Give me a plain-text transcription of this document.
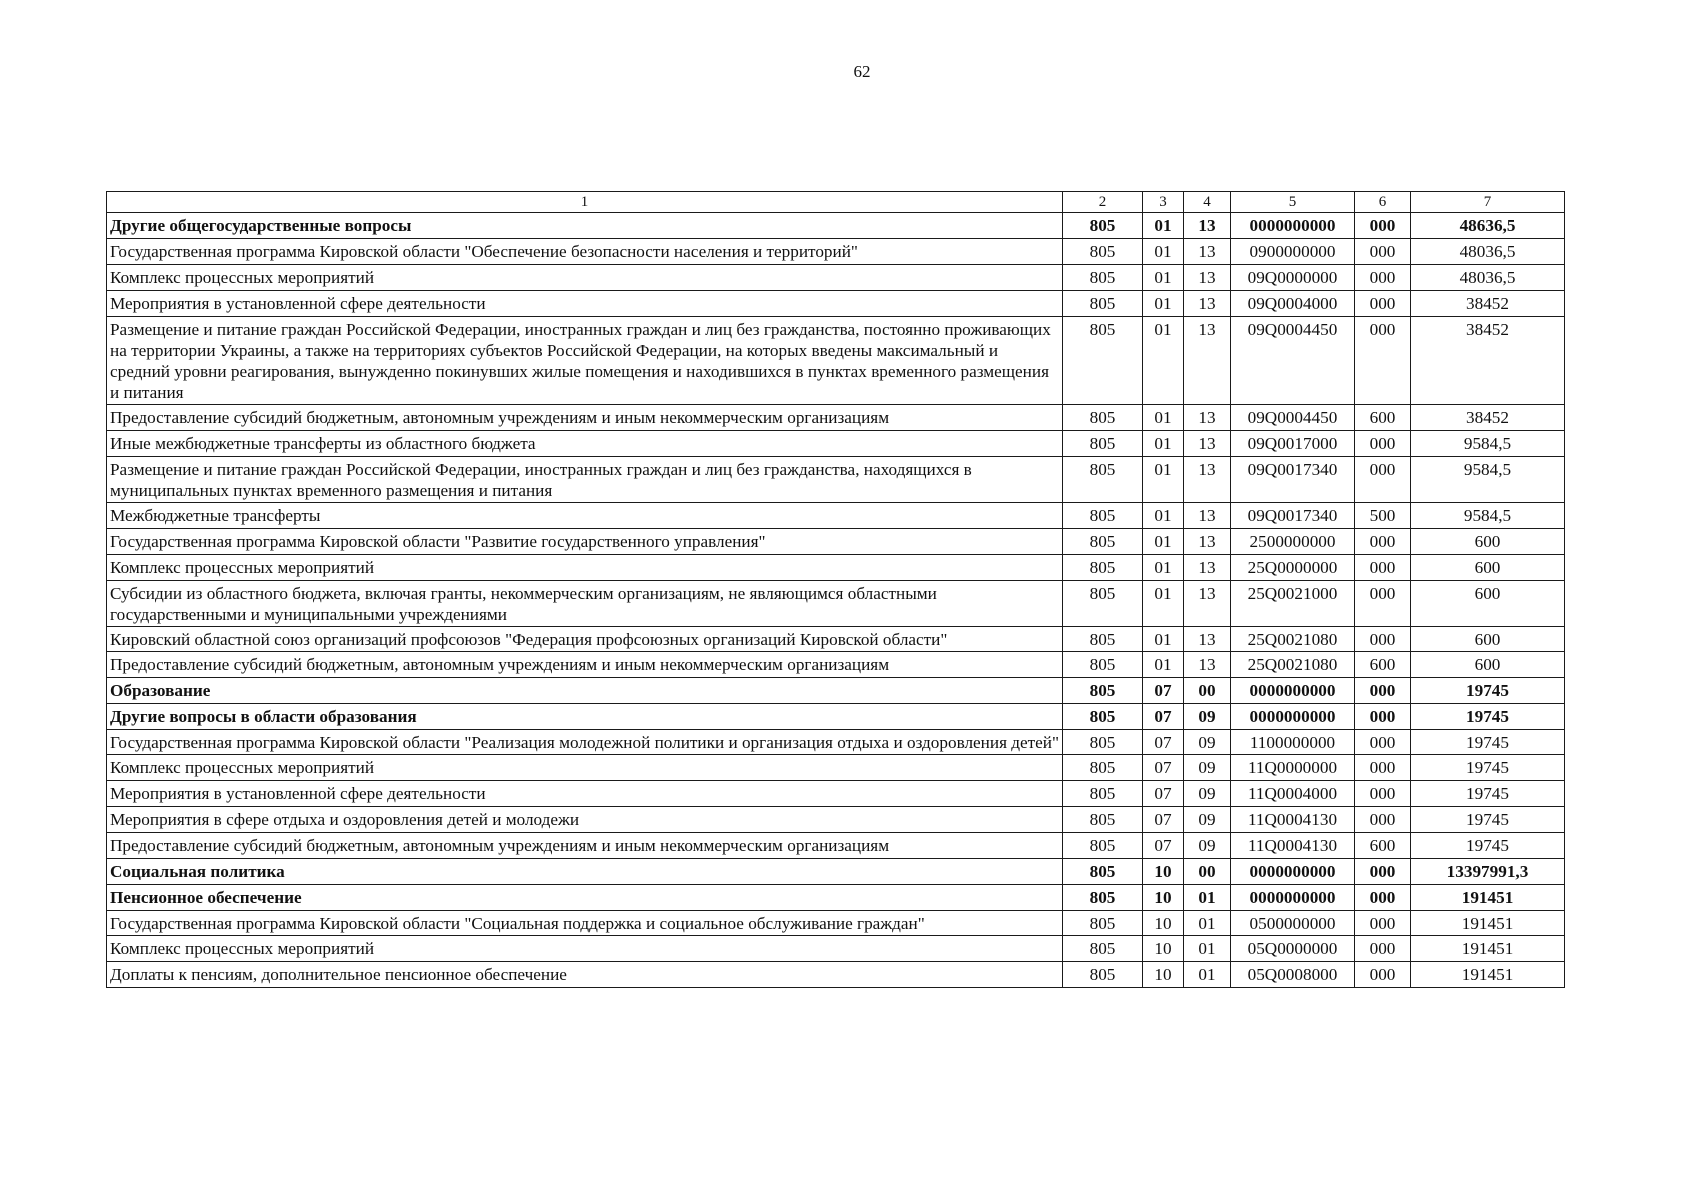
62
1	2	3	4	5	6	7
Другие общегосударственные вопросы	805	01	13	0000000000	000	48636,5
Государственная программа Кировской области "Обеспечение безопасности населения и территорий"	805	01	13	0900000000	000	48036,5
Комплекс процессных мероприятий	805	01	13	09Q0000000	000	48036,5
Мероприятия в установленной сфере деятельности	805	01	13	09Q0004000	000	38452
Размещение и питание граждан Российской Федерации, иностранных граждан и лиц без гражданства, постоянно проживающих на территории Украины, а также на территориях субъектов Российской Федерации, на которых введены максимальный и средний уровни реагирования, вынужденно покинувших жилые помещения и находившихся в пунктах временного размещения и питания	805	01	13	09Q0004450	000	38452
Предоставление субсидий бюджетным, автономным учреждениям и иным некоммерческим организациям	805	01	13	09Q0004450	600	38452
Иные межбюджетные трансферты из областного бюджета	805	01	13	09Q0017000	000	9584,5
Размещение и питание граждан Российской Федерации, иностранных граждан и лиц без гражданства, находящихся в муниципальных пунктах временного размещения и питания	805	01	13	09Q0017340	000	9584,5
Межбюджетные трансферты	805	01	13	09Q0017340	500	9584,5
Государственная программа Кировской области "Развитие государственного управления"	805	01	13	2500000000	000	600
Комплекс процессных мероприятий	805	01	13	25Q0000000	000	600
Субсидии из областного бюджета, включая гранты, некоммерческим организациям, не являющимся областными государственными и муниципальными учреждениями	805	01	13	25Q0021000	000	600
Кировский областной союз организаций профсоюзов "Федерация профсоюзных организаций Кировской области"	805	01	13	25Q0021080	000	600
Предоставление субсидий бюджетным, автономным учреждениям и иным некоммерческим организациям	805	01	13	25Q0021080	600	600
Образование	805	07	00	0000000000	000	19745
Другие вопросы в области образования	805	07	09	0000000000	000	19745
Государственная программа Кировской области "Реализация молодежной политики и организация отдыха и оздоровления детей"	805	07	09	1100000000	000	19745
Комплекс процессных мероприятий	805	07	09	11Q0000000	000	19745
Мероприятия в установленной сфере деятельности	805	07	09	11Q0004000	000	19745
Мероприятия в сфере отдыха и оздоровления детей и молодежи	805	07	09	11Q0004130	000	19745
Предоставление субсидий бюджетным, автономным учреждениям и иным некоммерческим организациям	805	07	09	11Q0004130	600	19745
Социальная политика	805	10	00	0000000000	000	13397991,3
Пенсионное обеспечение	805	10	01	0000000000	000	191451
Государственная программа Кировской области "Социальная поддержка и социальное обслуживание граждан"	805	10	01	0500000000	000	191451
Комплекс процессных мероприятий	805	10	01	05Q0000000	000	191451
Доплаты к пенсиям, дополнительное пенсионное обеспечение	805	10	01	05Q0008000	000	191451
